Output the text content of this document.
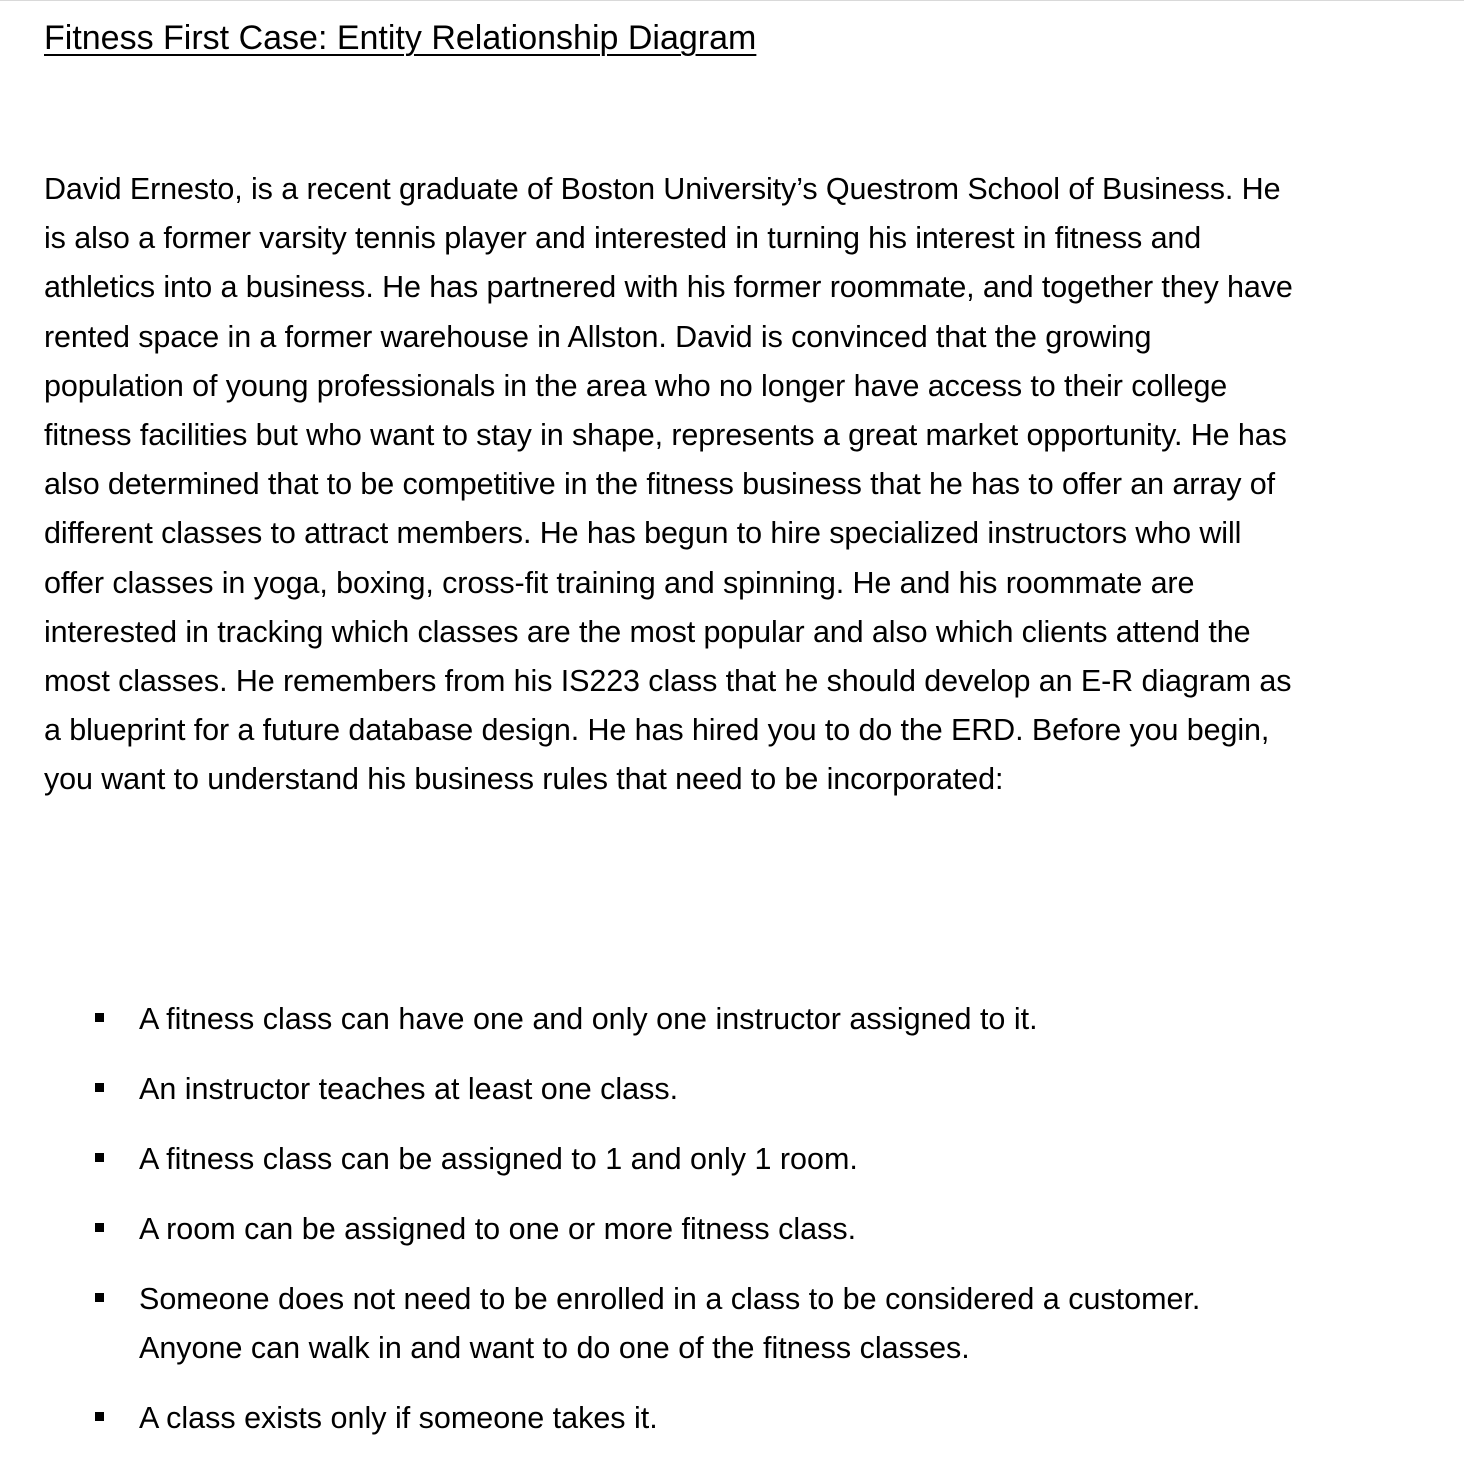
Fitness First Case: Entity Relationship Diagram

David Ernesto, is a recent graduate of Boston University’s Questrom School of Business. He is also a former varsity tennis player and interested in turning his interest in fitness and athletics into a business. He has partnered with his former roommate, and together they have rented space in a former warehouse in Allston. David is convinced that the growing population of young professionals in the area who no longer have access to their college fitness facilities but who want to stay in shape, represents a great market opportunity. He has also determined that to be competitive in the fitness business that he has to offer an array of different classes to attract members. He has begun to hire specialized instructors who will offer classes in yoga, boxing, cross-fit training and spinning. He and his roommate are interested in tracking which classes are the most popular and also which clients attend the most classes. He remembers from his IS223 class that he should develop an E-R diagram as a blueprint for a future database design. He has hired you to do the ERD. Before you begin, you want to understand his business rules that need to be incorporated:

A fitness class can have one and only one instructor assigned to it.
An instructor teaches at least one class.
A fitness class can be assigned to 1 and only 1 room.
A room can be assigned to one or more fitness class.
Someone does not need to be enrolled in a class to be considered a customer. Anyone can walk in and want to do one of the fitness classes.
A class exists only if someone takes it.
